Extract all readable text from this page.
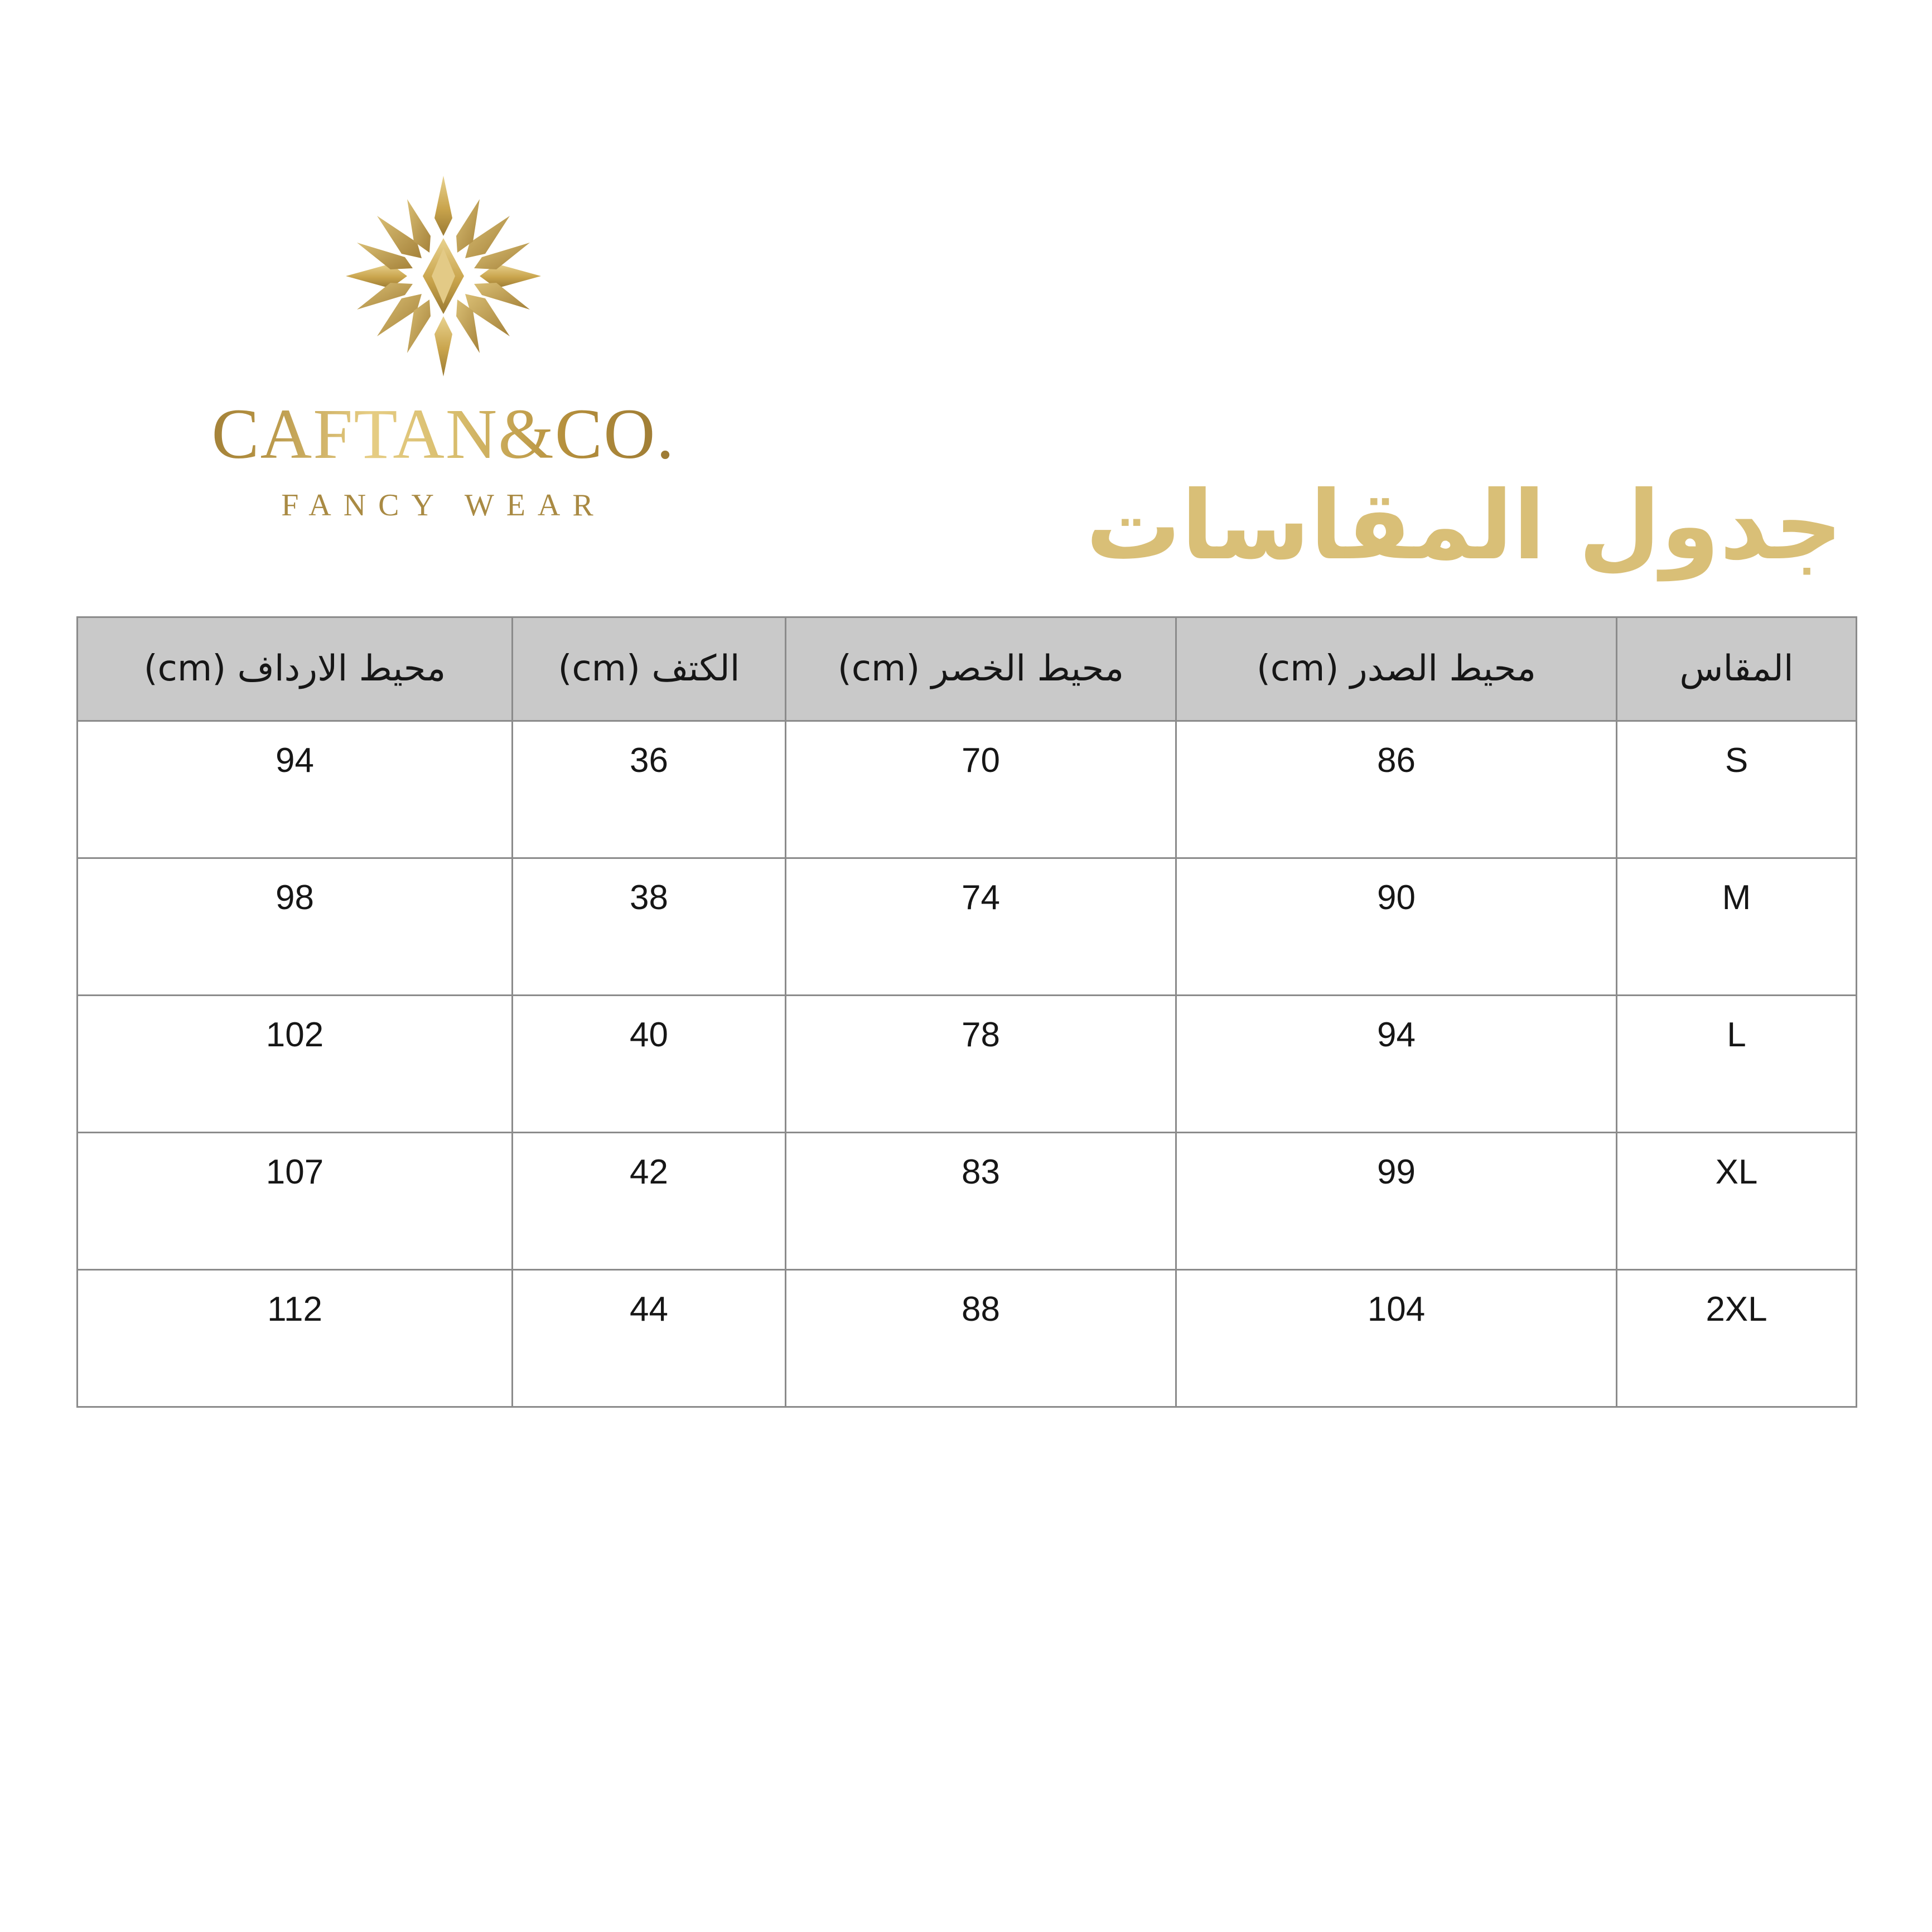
CAFTAN&CO.
FANCY WEAR	جدول المقاسات
المقاس	محيط الصدر (cm)	محيط الخصر (cm)	الكتف (cm)	محيط الارداف (cm)
S	86	70	36	94
M	90	74	38	98
L	94	78	40	102
XL	99	83	42	107
2XL	104	88	44	112
